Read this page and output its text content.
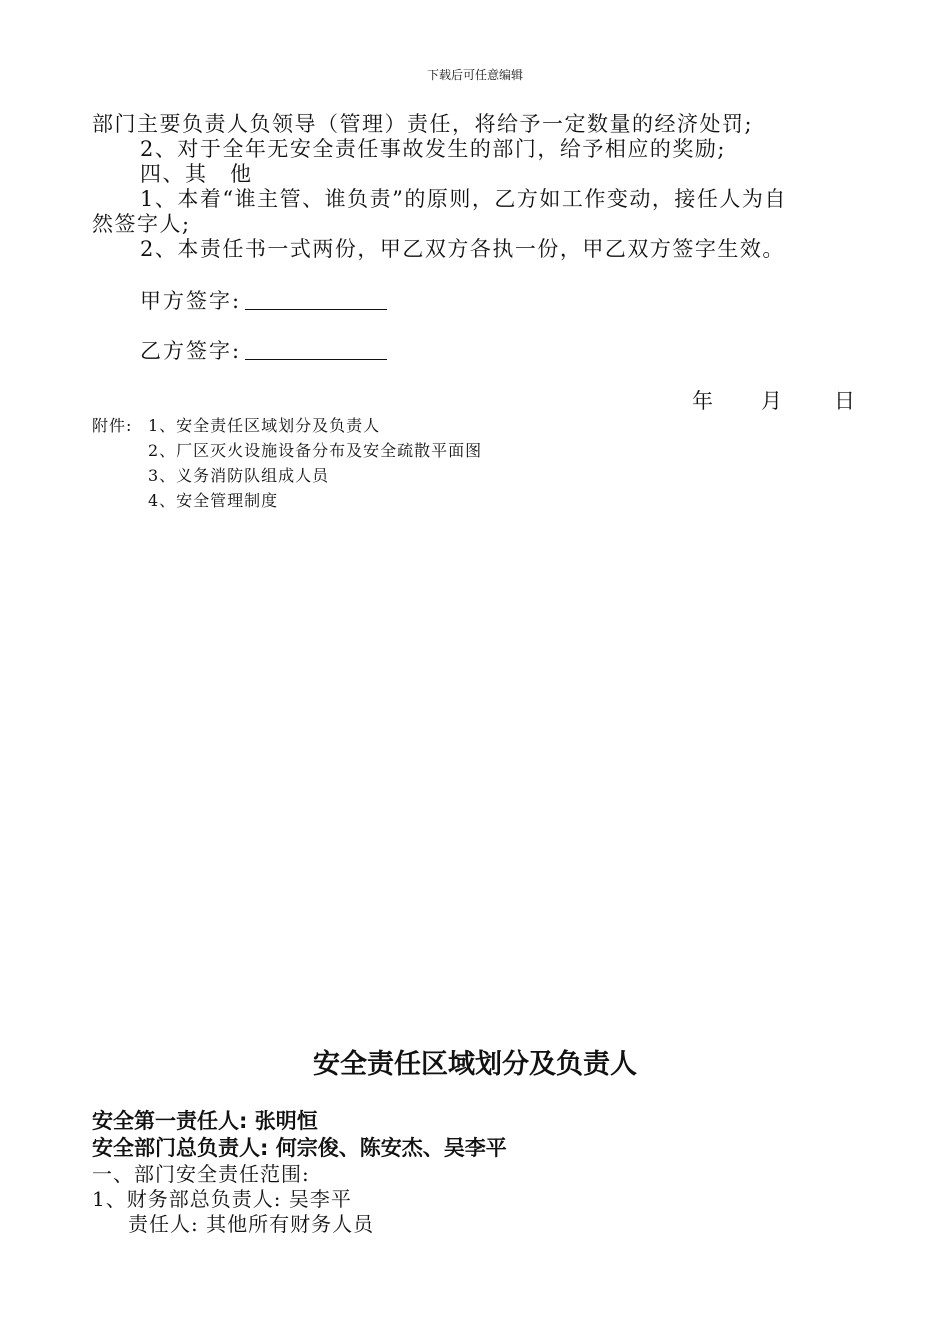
下载后可任意编辑
部门主要负责人负领导（管理）责任，将给予一定数量的经济处罚;
2、对于全年无安全责任事故发生的部门，给予相应的奖励;
四、其　他
1、本着“谁主管、谁负责”的原则，乙方如工作变动，接任人为自
然签字人;
2、本责任书一式两份，甲乙双方各执一份，甲乙双方签字生效。
甲方签字:
乙方签字:
年 月 日
附件: 1、安全责任区域划分及负责人
2、厂区灭火设施设备分布及安全疏散平面图
3、义务消防队组成人员
4、安全管理制度
安全责任区域划分及负责人
安全第一责任人: 张明恒
安全部门总负责人: 何宗俊、陈安杰、吴李平
一、部门安全责任范围:
1、财务部总负责人: 吴李平
责任人: 其他所有财务人员
